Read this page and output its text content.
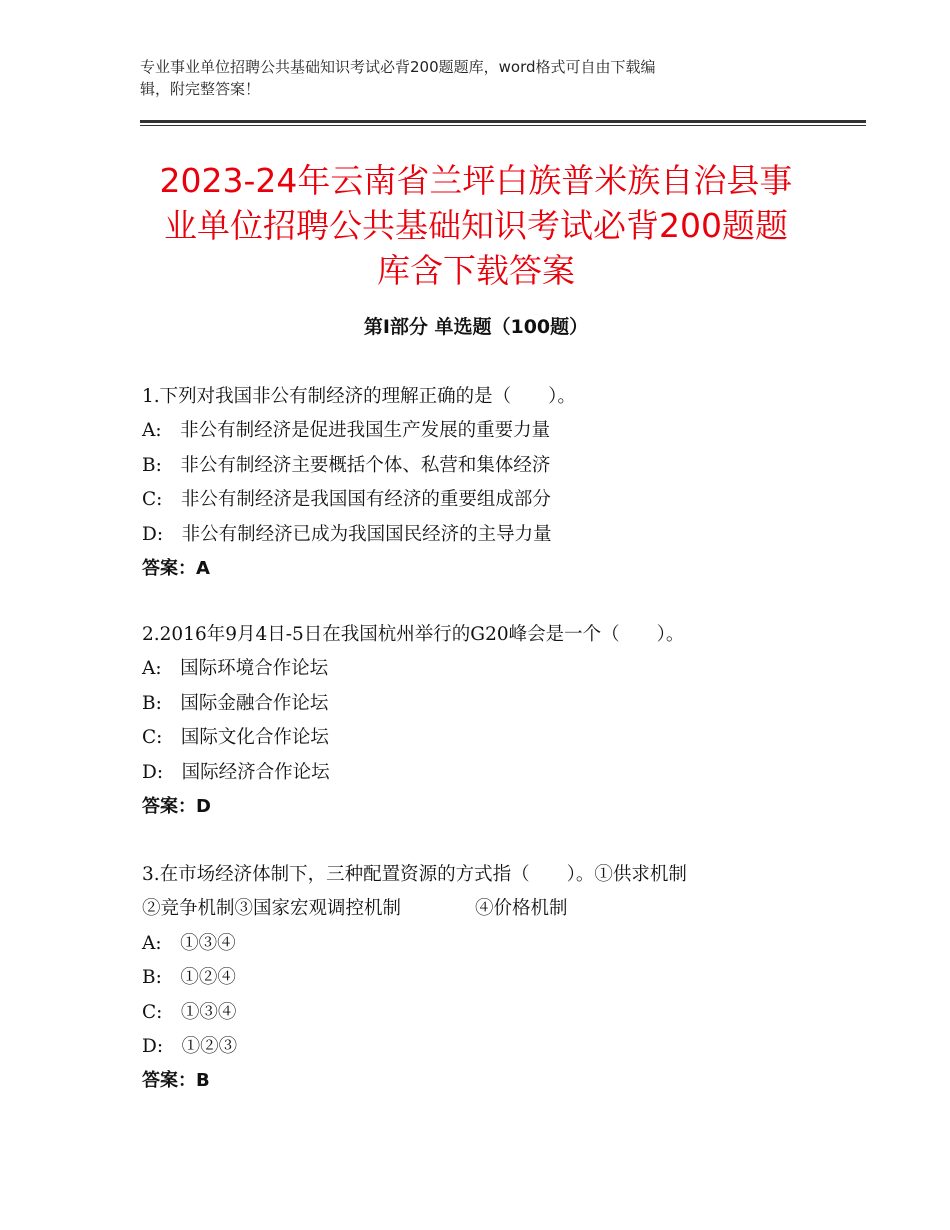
专业事业单位招聘公共基础知识考试必背200题题库，word格式可自由下载编
辑，附完整答案！
2023-24年云南省兰坪白族普米族自治县事
业单位招聘公共基础知识考试必背200题题
库含下载答案
第Ⅰ部分 单选题（100题）
1.下列对我国非公有制经济的理解正确的是（　　）。
A:　非公有制经济是促进我国生产发展的重要力量
B:　非公有制经济主要概括个体、私营和集体经济
C:　非公有制经济是我国国有经济的重要组成部分
D:　非公有制经济已成为我国国民经济的主导力量
答案：A
2.2016年9月4日-5日在我国杭州举行的G20峰会是一个（　　）。
A:　国际环境合作论坛
B:　国际金融合作论坛
C:　国际文化合作论坛
D:　国际经济合作论坛
答案：D
3.在市场经济体制下，三种配置资源的方式指（　　）。①供求机制
②竞争机制③国家宏观调控机制　　　　④价格机制
A:　①③④
B:　①②④
C:　①③④
D:　①②③
答案：B
